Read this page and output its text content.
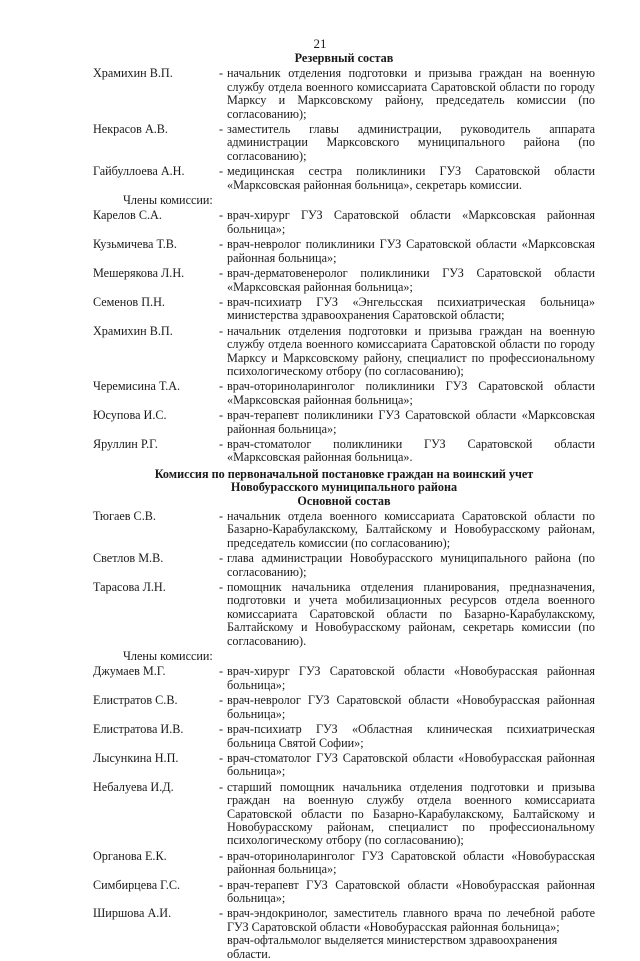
21
Резервный состав
Храмихин В.П.	- начальник отделения подготовки и призыва граждан на военную службу отдела военного комиссариата Саратовской области по городу Марксу и Марксовскому району, председатель комиссии (по согласованию);
Некрасов А.В.	- заместитель главы администрации, руководитель аппарата администрации Марксовского муниципального района (по согласованию);
Гайбуллоева А.Н.	- медицинская сестра поликлиники ГУЗ Саратовской области «Марксовская районная больница», секретарь комиссии.
Члены комиссии:
Карелов С.А.	- врач-хирург ГУЗ Саратовской области «Марксовская районная больница»;
Кузьмичева Т.В.	- врач-невролог поликлиники ГУЗ Саратовской области «Марксовская районная больница»;
Мешерякова Л.Н.	- врач-дерматовенеролог поликлиники ГУЗ Саратовской области «Марксовская районная больница»;
Семенов П.Н.	- врач-психиатр ГУЗ «Энгельсская психиатрическая больница» министерства здравоохранения Саратовской области;
Храмихин В.П.	- начальник отделения подготовки и призыва граждан на военную службу отдела военного комиссариата Саратовской области по городу Марксу и Марксовскому району, специалист по профессиональному психологическому отбору (по согласованию);
Черемисина Т.А.	- врач-оториноларинголог поликлиники ГУЗ Саратовской области «Марксовская районная больница»;
Юсупова И.С.	- врач-терапевт поликлиники ГУЗ Саратовской области «Марксовская районная больница»;
Яруллин Р.Г.	- врач-стоматолог поликлиники ГУЗ Саратовской области «Марксовская районная больница».
Комиссия по первоначальной постановке граждан на воинский учет
Новобурасского муниципального района
Основной состав
Тюгаев С.В.	- начальник отдела военного комиссариата Саратовской области по Базарно-Карабулакскому, Балтайскому и Новобурасскому районам, председатель комиссии (по согласованию);
Светлов М.В.	- глава администрации Новобурасского муниципального района (по согласованию);
Тарасова Л.Н.	- помощник начальника отделения планирования, предназначения, подготовки и учета мобилизационных ресурсов отдела военного комиссариата Саратовской области по Базарно-Карабулакскому, Балтайскому и Новобурасскому районам, секретарь комиссии (по согласованию).
Члены комиссии:
Джумаев М.Г.	- врач-хирург ГУЗ Саратовской области «Новобурасская районная больница»;
Елистратов С.В.	- врач-невролог ГУЗ Саратовской области «Новобурасская районная больница»;
Елистратова И.В.	- врач-психиатр ГУЗ «Областная клиническая психиатрическая больница Святой Софии»;
Лысункина Н.П.	- врач-стоматолог ГУЗ Саратовской области «Новобурасская районная больница»;
Небалуева И.Д.	- старший помощник начальника отделения подготовки и призыва граждан на военную службу отдела военного комиссариата Саратовской области по Базарно-Карабулакскому, Балтайскому и Новобурасскому районам, специалист по профессиональному психологическому отбору (по согласованию);
Органова Е.К.	- врач-оториноларинголог ГУЗ Саратовской области «Новобурасская районная больница»;
Симбирцева Г.С.	- врач-терапевт ГУЗ Саратовской области «Новобурасская районная больница»;
Ширшова А.И.	- врач-эндокринолог, заместитель главного врача по лечебной работе ГУЗ Саратовской области «Новобурасская районная больница»;
врач-офтальмолог выделяется министерством здравоохранения области.
